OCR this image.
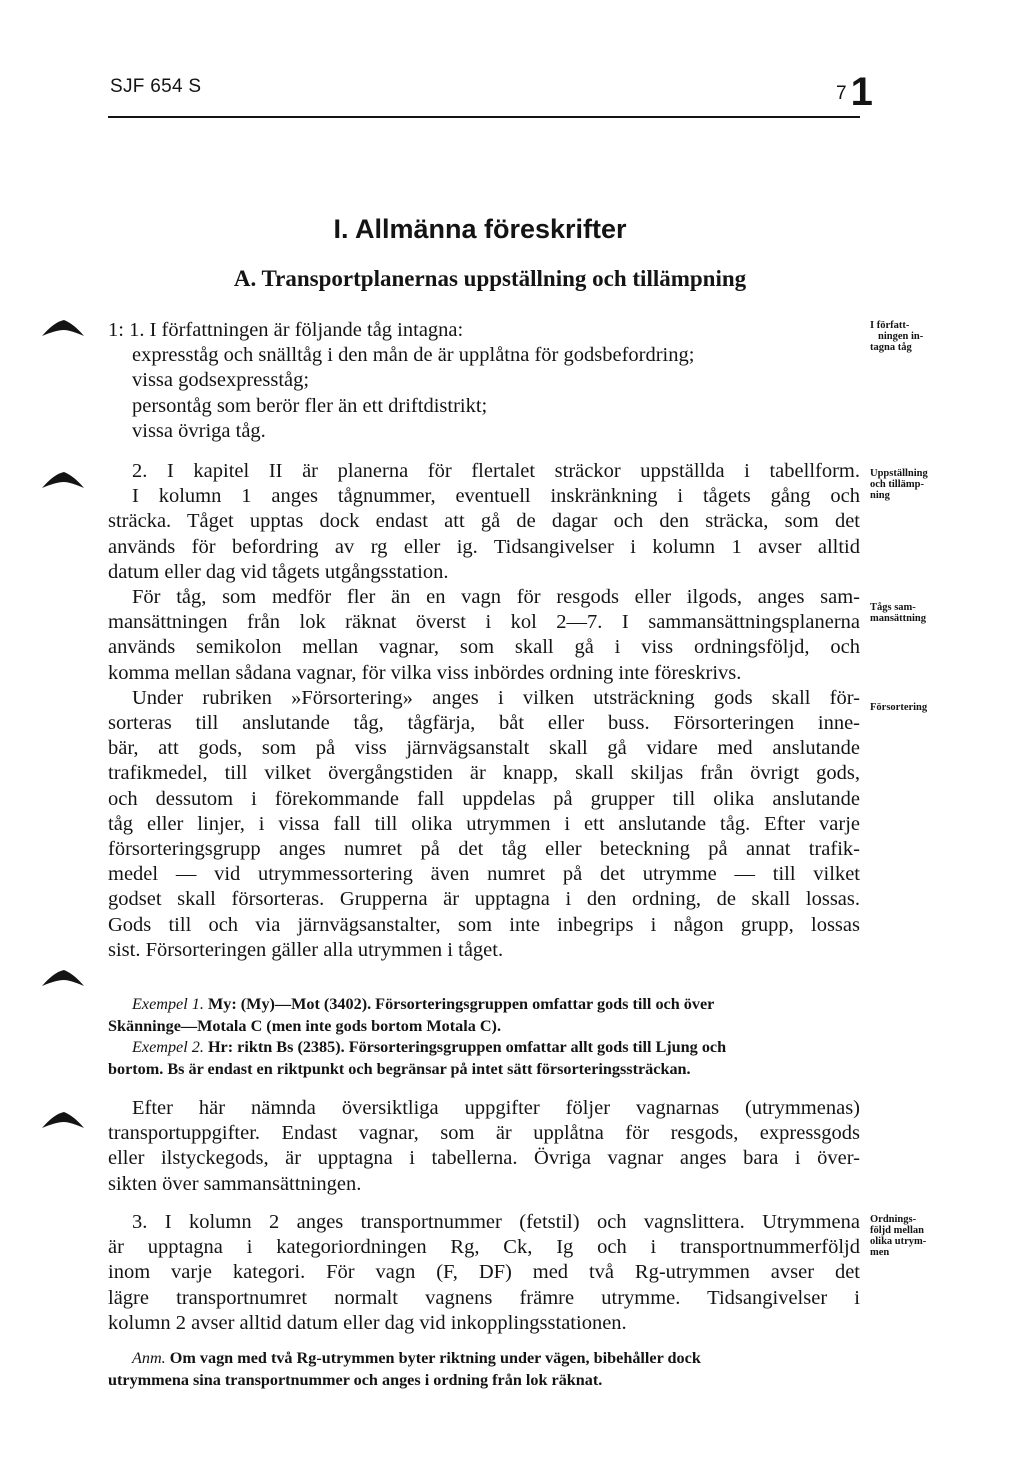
SJF 654 S	7 1
I. Allmänna föreskrifter
A. Transportplanernas uppställning och tillämpning
1: 1. I författningen är följande tåg intagna:
expresståg och snälltåg i den mån de är upplåtna för godsbefordring;
vissa godsexpresståg;
persontåg som berör fler än ett driftdistrikt;
vissa övriga tåg.
2. I kapitel II är planerna för flertalet sträckor uppställda i tabellform.
I kolumn 1 anges tågnummer, eventuell inskränkning i tågets gång och
sträcka. Tåget upptas dock endast att gå de dagar och den sträcka, som det
används för befordring av rg eller ig. Tidsangivelser i kolumn 1 avser alltid
datum eller dag vid tågets utgångsstation.
För tåg, som medför fler än en vagn för resgods eller ilgods, anges sam-
mansättningen från lok räknat överst i kol 2—7. I sammansättningsplanerna
används semikolon mellan vagnar, som skall gå i viss ordningsföljd, och
komma mellan sådana vagnar, för vilka viss inbördes ordning inte föreskrivs.
Under rubriken »Försortering» anges i vilken utsträckning gods skall för-
sorteras till anslutande tåg, tågfärja, båt eller buss. Försorteringen inne-
bär, att gods, som på viss järnvägsanstalt skall gå vidare med anslutande
trafikmedel, till vilket övergångstiden är knapp, skall skiljas från övrigt gods,
och dessutom i förekommande fall uppdelas på grupper till olika anslutande
tåg eller linjer, i vissa fall till olika utrymmen i ett anslutande tåg. Efter varje
försorteringsgrupp anges numret på det tåg eller beteckning på annat trafik-
medel — vid utrymmessortering även numret på det utrymme — till vilket
godset skall försorteras. Grupperna är upptagna i den ordning, de skall lossas.
Gods till och via järnvägsanstalter, som inte inbegrips i någon grupp, lossas
sist. Försorteringen gäller alla utrymmen i tåget.
Exempel 1. My: (My)—Mot (3402). Försorteringsgruppen omfattar gods till och över
Skänninge—Motala C (men inte gods bortom Motala C).
Exempel 2. Hr: riktn Bs (2385). Försorteringsgruppen omfattar allt gods till Ljung och
bortom. Bs är endast en riktpunkt och begränsar på intet sätt försorteringssträckan.
Efter här nämnda översiktliga uppgifter följer vagnarnas (utrymmenas)
transportuppgifter. Endast vagnar, som är upplåtna för resgods, expressgods
eller ilstyckegods, är upptagna i tabellerna. Övriga vagnar anges bara i över-
sikten över sammansättningen.
3. I kolumn 2 anges transportnummer (fetstil) och vagnslittera. Utrymmena
är upptagna i kategoriordningen Rg, Ck, Ig och i transportnummerföljd
inom varje kategori. För vagn (F, DF) med två Rg-utrymmen avser det
lägre transportnumret normalt vagnens främre utrymme. Tidsangivelser i
kolumn 2 avser alltid datum eller dag vid inkopplingsstationen.
Anm. Om vagn med två Rg-utrymmen byter riktning under vägen, bibehåller dock
utrymmena sina transportnummer och anges i ordning från lok räknat.
I författ-
ningen in-
tagna tåg
Uppställning
och tillämp-
ning
Tågs sam-
mansättning
Försortering
Ordnings-
följd mellan
olika utrym-
men
